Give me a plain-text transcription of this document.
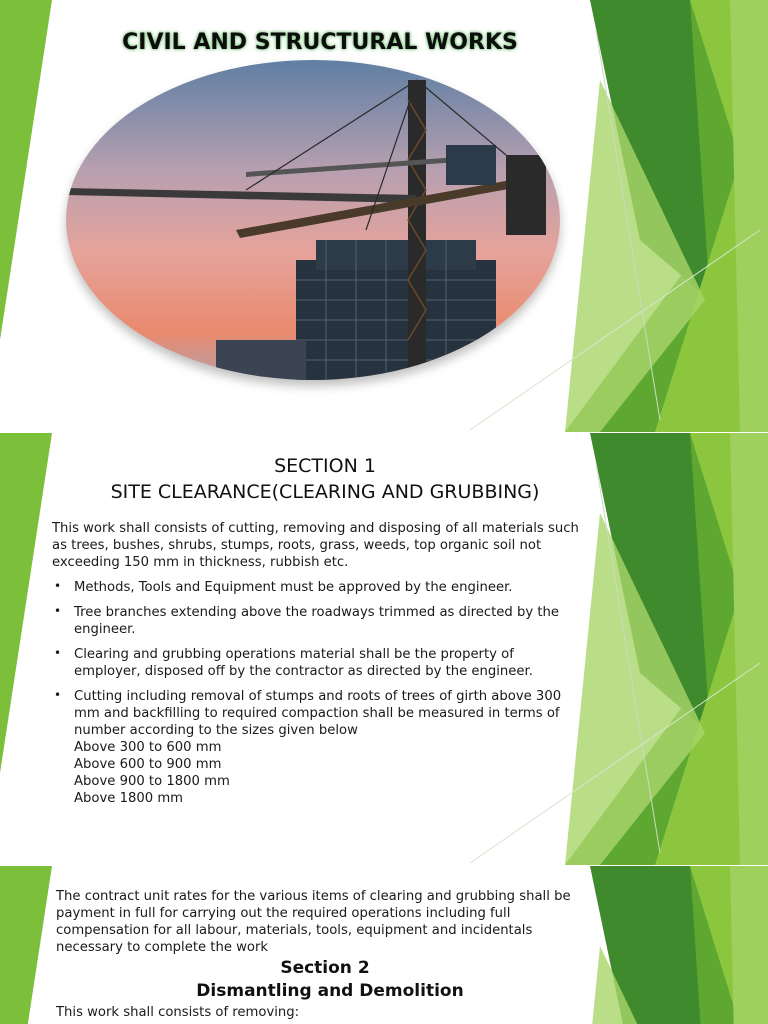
CIVIL AND STRUCTURAL WORKS
SECTION 1
SITE CLEARANCE(CLEARING AND GRUBBING)
This work shall consists of cutting, removing and disposing of all materials such as trees, bushes, shrubs, stumps, roots, grass, weeds, top organic soil not exceeding 150 mm in thickness, rubbish etc.
• Methods, Tools and Equipment must be approved by the engineer.
• Tree branches extending above the roadways trimmed as directed by the engineer.
• Clearing and grubbing operations material shall be the property of employer, disposed off by the contractor as directed by the engineer.
• Cutting including removal of stumps and roots of trees of girth above 300 mm and backfilling to required compaction shall be measured in terms of number according to the sizes given below
Above 300 to 600 mm
Above 600 to 900 mm
Above 900 to 1800 mm
Above 1800 mm
The contract unit rates for the various items of clearing and grubbing shall be payment in full for carrying out the required operations including full compensation for all labour, materials, tools, equipment and incidentals necessary to complete the work
Section 2
Dismantling and Demolition
This work shall consists of removing:
